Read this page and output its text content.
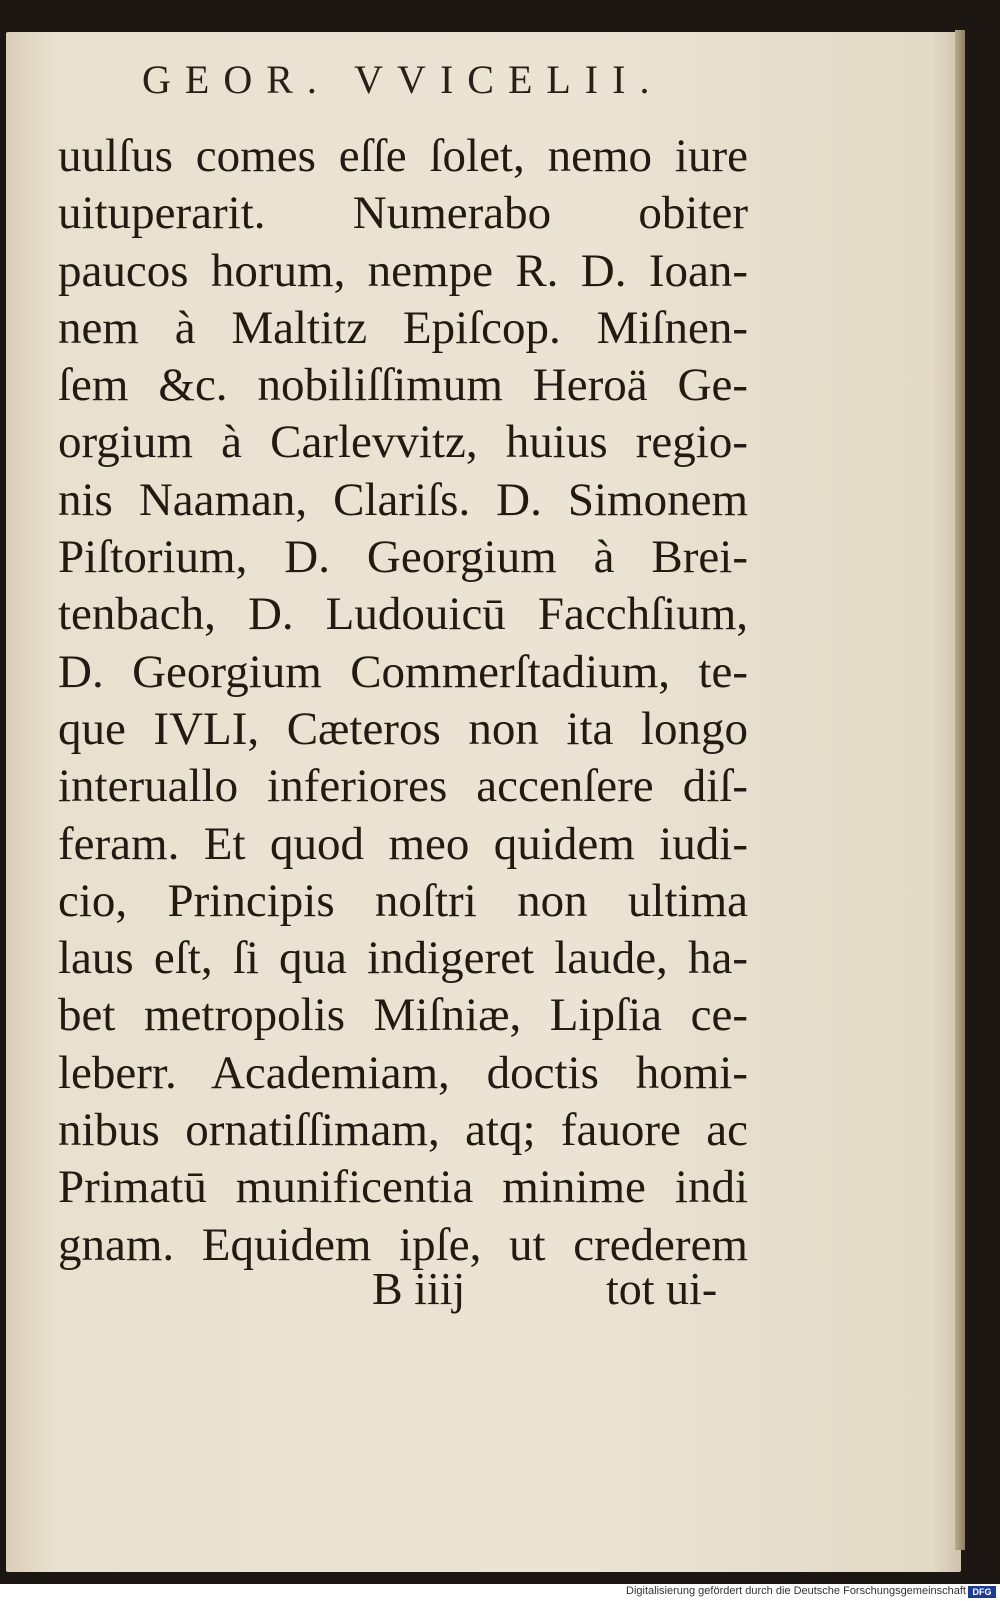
GEOR. VVICELII.
uulſus comes eſſe ſolet, nemo iure
uituperarit. Numerabo obiter
paucos horum, nempe R. D. Ioan-
nem à Maltitz Epiſcop. Miſnen-
ſem &c. nobiliſſimum Heroä Ge-
orgium à Carlevvitz, huius regio-
nis Naaman, Clariſs. D. Simonem
Piſtorium, D. Georgium à Brei-
tenbach, D. Ludouicū Facchſium,
D. Georgium Commerſtadium, te-
que IVLI, Cæteros non ita longo
interuallo inferiores accenſere diſ-
feram. Et quod meo quidem iudi-
cio, Principis noſtri non ultima
laus eſt, ſi qua indigeret laude, ha-
bet metropolis Miſniæ, Lipſia ce-
leberr. Academiam, doctis homi-
nibus ornatiſſimam, atq; fauore ac
Primatū munificentia minime indi
gnam. Equidem ipſe, ut crederem
B iiij	tot ui-
Digitalisierung gefördert durch die Deutsche Forschungsgemeinschaft DFG
